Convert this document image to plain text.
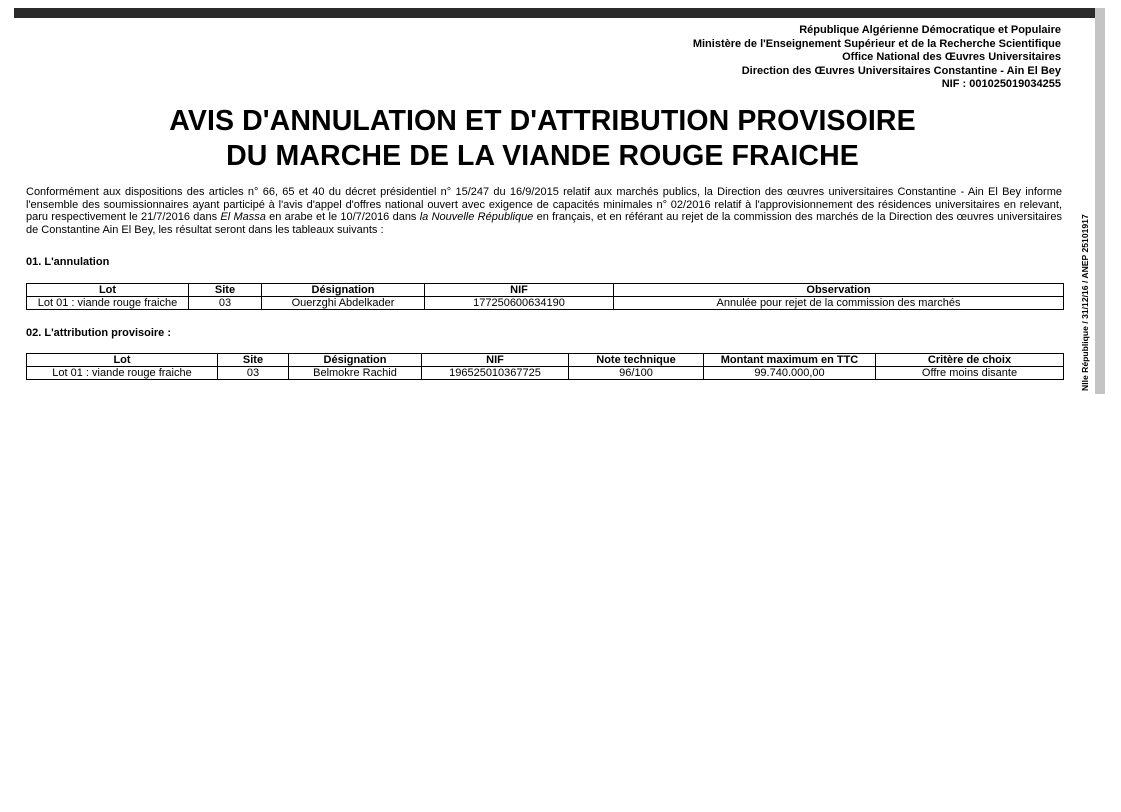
République Algérienne Démocratique et Populaire
Ministère de l'Enseignement Supérieur et de la Recherche Scientifique
Office National des Œuvres Universitaires
Direction des Œuvres Universitaires Constantine - Ain El Bey
NIF : 001025019034255
AVIS D'ANNULATION ET D'ATTRIBUTION PROVISOIRE
DU MARCHE DE LA VIANDE ROUGE FRAICHE
Conformément aux dispositions des articles n° 66, 65 et 40 du décret présidentiel n° 15/247 du 16/9/2015 relatif aux marchés publics, la Direction des œuvres universitaires Constantine - Ain El Bey informe l'ensemble des soumissionnaires ayant participé à l'avis d'appel d'offres national ouvert avec exigence de capacités minimales n° 02/2016 relatif à l'approvisionnement des résidences universitaires en relevant, paru respectivement le 21/7/2016 dans El Massa en arabe et le 10/7/2016 dans la Nouvelle République en français, et en référant au rejet de la commission des marchés de la Direction des œuvres universitaires de Constantine Ain El Bey, les résultat seront dans les tableaux suivants :
01. L'annulation
Lot	Site	Désignation	NIF	Observation
Lot 01 : viande rouge fraiche	03	Ouerzghi Abdelkader	177250600634190	Annulée pour rejet de la commission des marchés
02. L'attribution provisoire :
Lot	Site	Désignation	NIF	Note technique	Montant maximum en TTC	Critère de choix
Lot 01 : viande rouge fraiche	03	Belmokre Rachid	196525010367725	96/100	99.740.000,00	Offre moins disante	Nlle République / 31/12/16 / ANEP 25101917
